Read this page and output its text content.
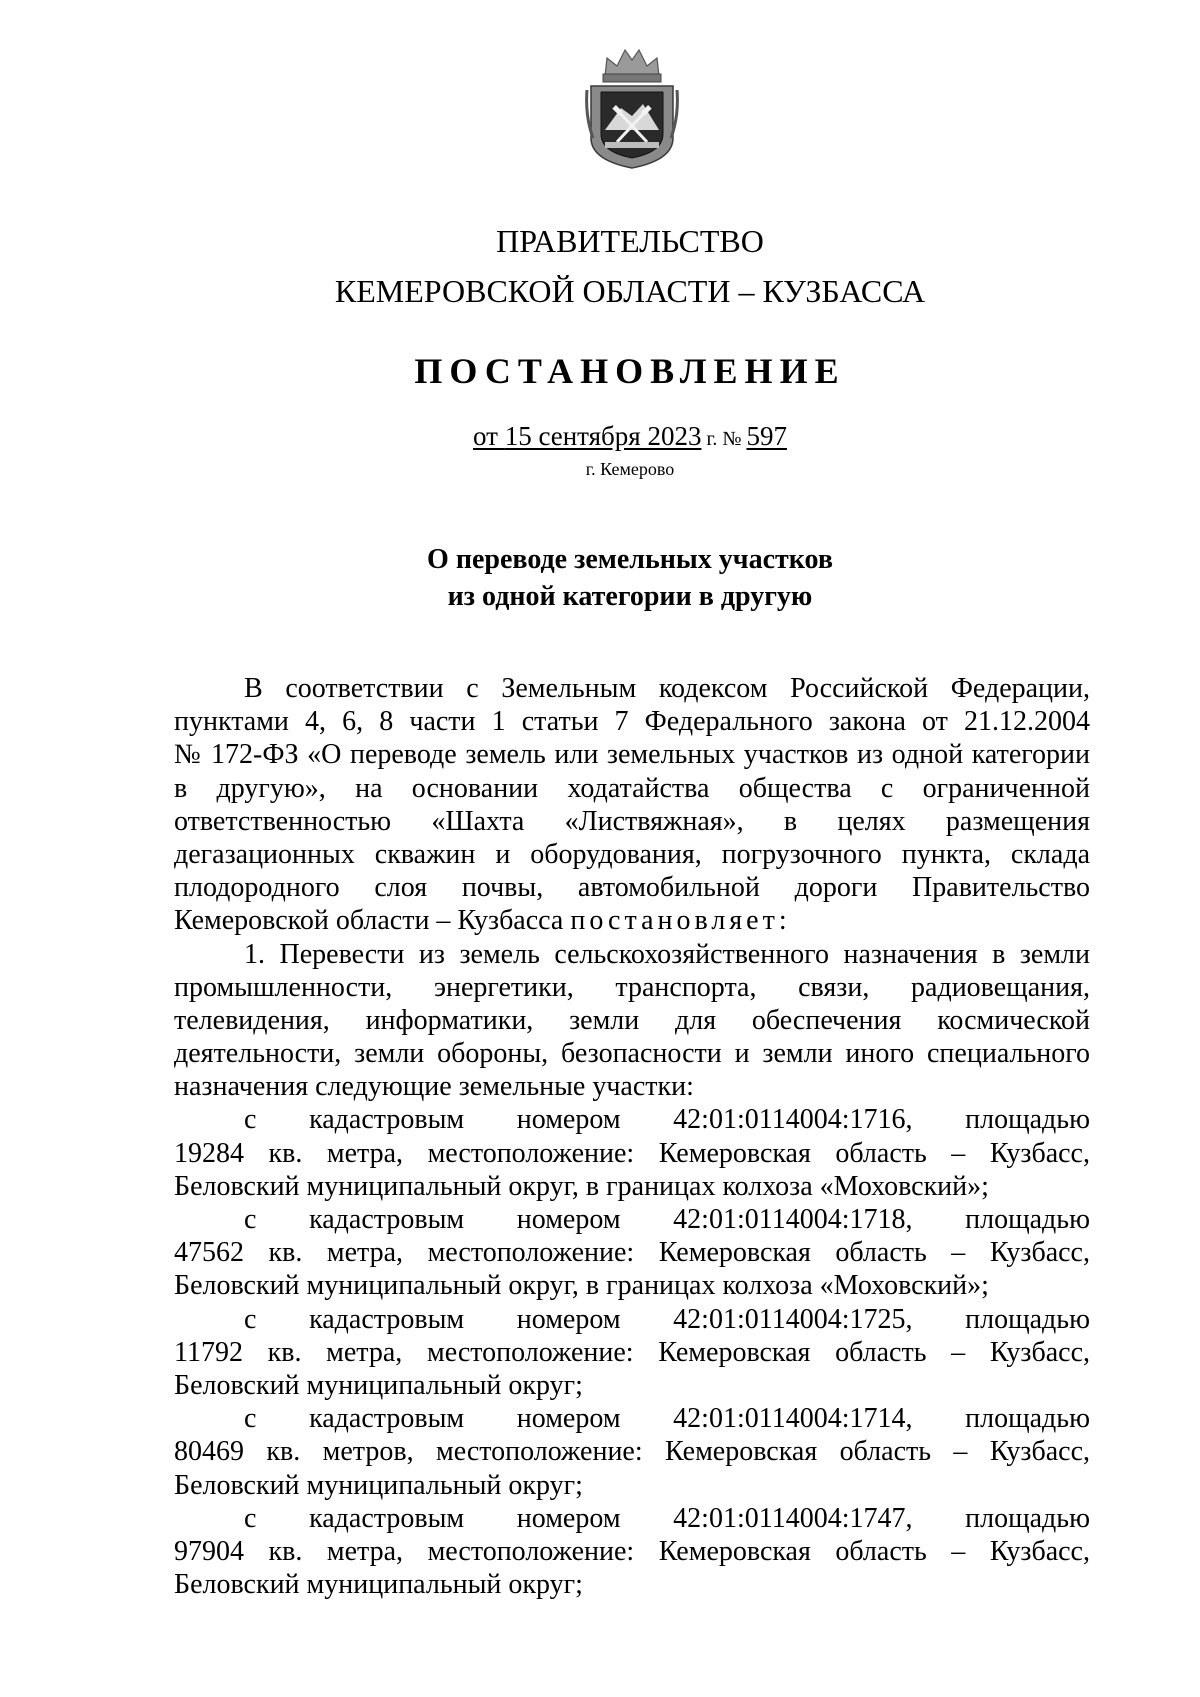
ПРАВИТЕЛЬСТВО
КЕМЕРОВСКОЙ ОБЛАСТИ – КУЗБАССА
ПОСТАНОВЛЕНИЕ
от 15 сентября 2023 г. № 597
г. Кемерово
О переводе земельных участков
из одной категории в другую
В соответствии с Земельным кодексом Российской Федерации,
пунктами 4, 6, 8 части 1 статьи 7 Федерального закона от 21.12.2004
№ 172-ФЗ «О переводе земель или земельных участков из одной категории
в другую», на основании ходатайства общества с ограниченной
ответственностью «Шахта «Листвяжная», в целях размещения
дегазационных скважин и оборудования, погрузочного пункта, склада
плодородного слоя почвы, автомобильной дороги Правительство
Кемеровской области – Кузбасса постановляет:
1. Перевести из земель сельскохозяйственного назначения в земли
промышленности, энергетики, транспорта, связи, радиовещания,
телевидения, информатики, земли для обеспечения космической
деятельности, земли обороны, безопасности и земли иного специального
назначения следующие земельные участки:
с кадастровым номером 42:01:0114004:1716, площадью
19284 кв. метра, местоположение: Кемеровская область – Кузбасс,
Беловский муниципальный округ, в границах колхоза «Моховский»;
с кадастровым номером 42:01:0114004:1718, площадью
47562 кв. метра, местоположение: Кемеровская область – Кузбасс,
Беловский муниципальный округ, в границах колхоза «Моховский»;
с кадастровым номером 42:01:0114004:1725, площадью
11792 кв. метра, местоположение: Кемеровская область – Кузбасс,
Беловский муниципальный округ;
с кадастровым номером 42:01:0114004:1714, площадью
80469 кв. метров, местоположение: Кемеровская область – Кузбасс,
Беловский муниципальный округ;
с кадастровым номером 42:01:0114004:1747, площадью
97904 кв. метра, местоположение: Кемеровская область – Кузбасс,
Беловский муниципальный округ;
